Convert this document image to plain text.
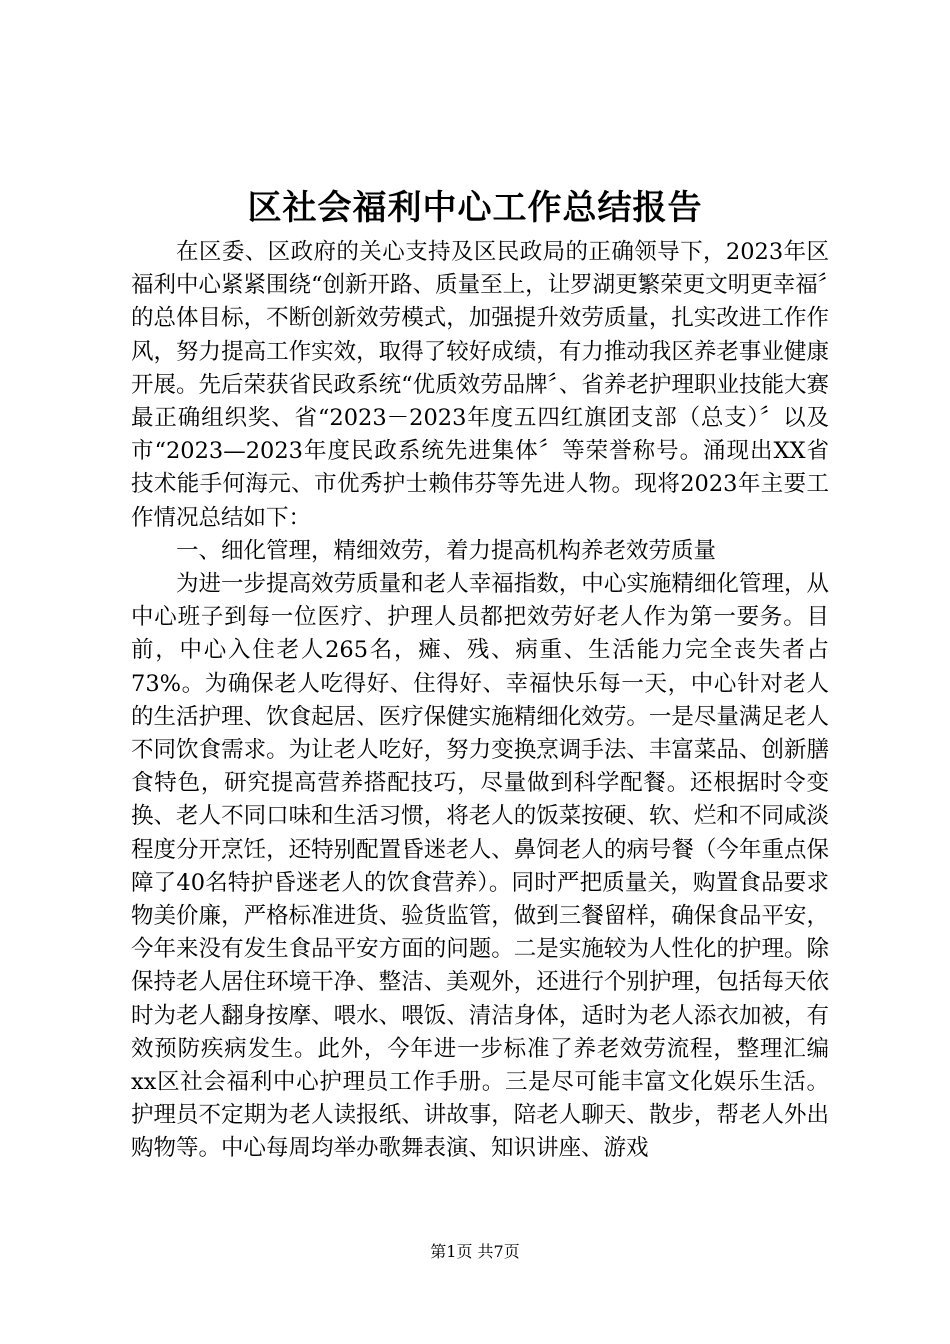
区社会福利中心工作总结报告

在区委、区政府的关心支持及区民政局的正确领导下，2023年区福利中心紧紧围绕“创新开路、质量至上，让罗湖更繁荣更文明更幸福〞的总体目标，不断创新效劳模式，加强提升效劳质量，扎实改进工作作风，努力提高工作实效，取得了较好成绩，有力推动我区养老事业健康开展。先后荣获省民政系统“优质效劳品牌〞、省养老护理职业技能大赛最正确组织奖、省“2023－2023年度五四红旗团支部（总支）〞以及市“2023—2023年度民政系统先进集体〞等荣誉称号。涌现出XX省技术能手何海元、市优秀护士赖伟芬等先进人物。现将2023年主要工作情况总结如下：

一、细化管理，精细效劳，着力提高机构养老效劳质量

为进一步提高效劳质量和老人幸福指数，中心实施精细化管理，从中心班子到每一位医疗、护理人员都把效劳好老人作为第一要务。目前，中心入住老人265名，瘫、残、病重、生活能力完全丧失者占73%。为确保老人吃得好、住得好、幸福快乐每一天，中心针对老人的生活护理、饮食起居、医疗保健实施精细化效劳。一是尽量满足老人不同饮食需求。为让老人吃好，努力变换烹调手法、丰富菜品、创新膳食特色，研究提高营养搭配技巧，尽量做到科学配餐。还根据时令变换、老人不同口味和生活习惯，将老人的饭菜按硬、软、烂和不同咸淡程度分开烹饪，还特别配置昏迷老人、鼻饲老人的病号餐（今年重点保障了40名特护昏迷老人的饮食营养）。同时严把质量关，购置食品要求物美价廉，严格标准进货、验货监管，做到三餐留样，确保食品平安，今年来没有发生食品平安方面的问题。二是实施较为人性化的护理。除保持老人居住环境干净、整洁、美观外，还进行个别护理，包括每天依时为老人翻身按摩、喂水、喂饭、清洁身体，适时为老人添衣加被，有效预防疾病发生。此外，今年进一步标准了养老效劳流程，整理汇编xx区社会福利中心护理员工作手册。三是尽可能丰富文化娱乐生活。护理员不定期为老人读报纸、讲故事，陪老人聊天、散步，帮老人外出购物等。中心每周均举办歌舞表演、知识讲座、游戏

第1页 共7页
